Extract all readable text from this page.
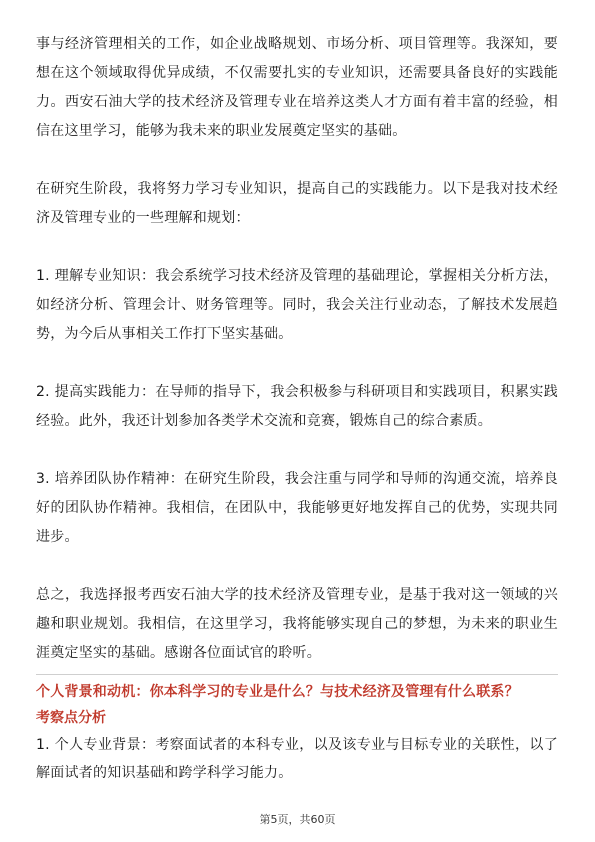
事与经济管理相关的工作，如企业战略规划、市场分析、项目管理等。我深知，要想在这个领域取得优异成绩，不仅需要扎实的专业知识，还需要具备良好的实践能力。西安石油大学的技术经济及管理专业在培养这类人才方面有着丰富的经验，相信在这里学习，能够为我未来的职业发展奠定坚实的基础。

在研究生阶段，我将努力学习专业知识，提高自己的实践能力。以下是我对技术经济及管理专业的一些理解和规划：

1. 理解专业知识：我会系统学习技术经济及管理的基础理论，掌握相关分析方法，如经济分析、管理会计、财务管理等。同时，我会关注行业动态，了解技术发展趋势，为今后从事相关工作打下坚实基础。

2. 提高实践能力：在导师的指导下，我会积极参与科研项目和实践项目，积累实践经验。此外，我还计划参加各类学术交流和竞赛，锻炼自己的综合素质。

3. 培养团队协作精神：在研究生阶段，我会注重与同学和导师的沟通交流，培养良好的团队协作精神。我相信，在团队中，我能够更好地发挥自己的优势，实现共同进步。

总之，我选择报考西安石油大学的技术经济及管理专业，是基于我对这一领域的兴趣和职业规划。我相信，在这里学习，我将能够实现自己的梦想，为未来的职业生涯奠定坚实的基础。感谢各位面试官的聆听。

个人背景和动机：你本科学习的专业是什么？与技术经济及管理有什么联系？

考察点分析

1. 个人专业背景：考察面试者的本科专业，以及该专业与目标专业的关联性，以了解面试者的知识基础和跨学科学习能力。

第5页，共60页
